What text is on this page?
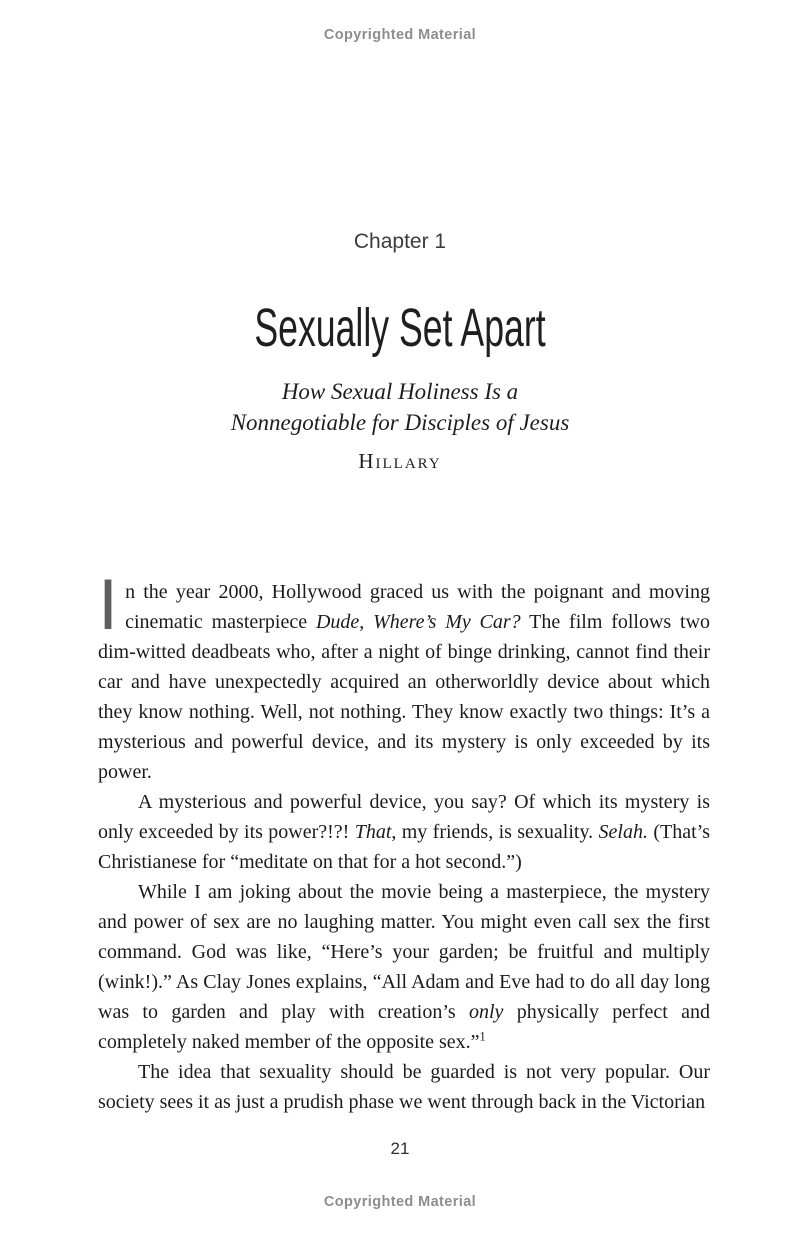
Copyrighted Material
Chapter 1
Sexually Set Apart
How Sexual Holiness Is a
Nonnegotiable for Disciples of Jesus
Hillary

In the year 2000, Hollywood graced us with the poignant and moving cinematic masterpiece Dude, Where’s My Car? The film follows two dim-witted deadbeats who, after a night of binge drinking, cannot find their car and have unexpectedly acquired an otherworldly device about which they know nothing. Well, not nothing. They know exactly two things: It’s a mysterious and powerful device, and its mystery is only exceeded by its power.

A mysterious and powerful device, you say? Of which its mystery is only exceeded by its power?!?! That, my friends, is sexuality. Selah. (That’s Christianese for “meditate on that for a hot second.”)

While I am joking about the movie being a masterpiece, the mystery and power of sex are no laughing matter. You might even call sex the first command. God was like, “Here’s your garden; be fruitful and multiply (wink!).” As Clay Jones explains, “All Adam and Eve had to do all day long was to garden and play with creation’s only physically perfect and completely naked member of the opposite sex.”$^1$

The idea that sexuality should be guarded is not very popular. Our society sees it as just a prudish phase we went through back in the Victorian

21
Copyrighted Material
